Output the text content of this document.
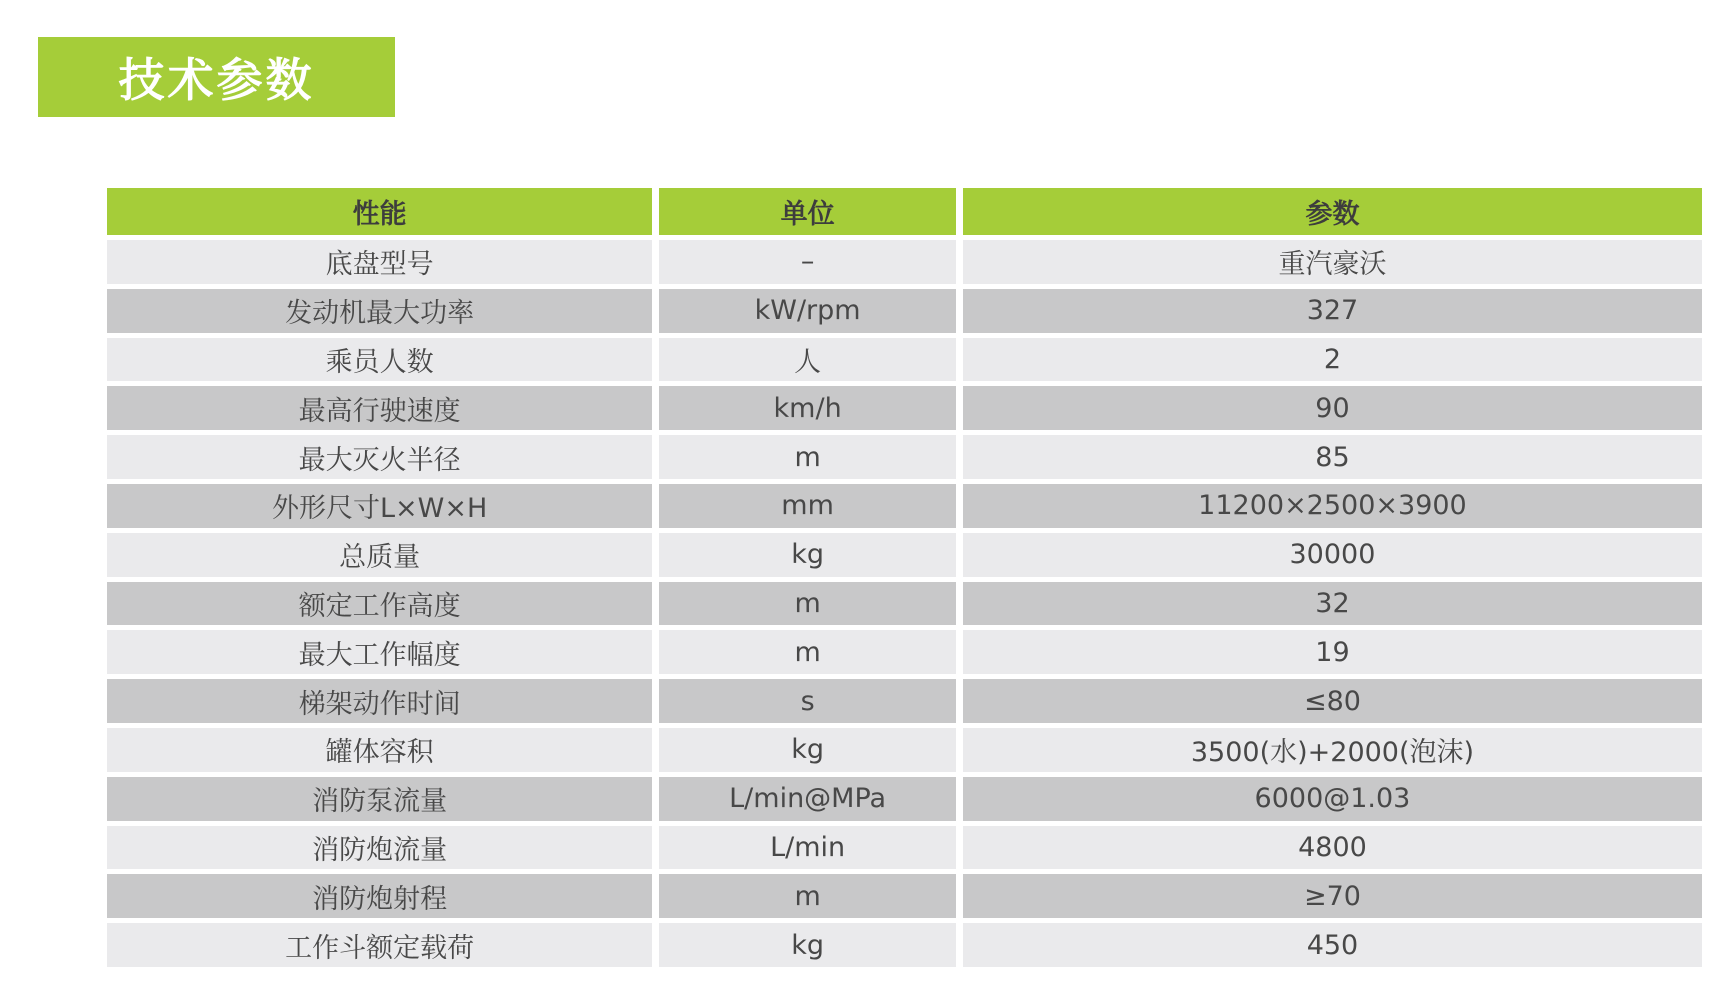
技术参数
性能	单位	参数
底盘型号	–	重汽豪沃
发动机最大功率	kW/rpm	327
乘员人数	人	2
最高行驶速度	km/h	90
最大灭火半径	m	85
外形尺寸L×W×H	mm	11200×2500×3900
总质量	kg	30000
额定工作高度	m	32
最大工作幅度	m	19
梯架动作时间	s	≤80
罐体容积	kg	3500(水)+2000(泡沫)
消防泵流量	L/min@MPa	6000@1.03
消防炮流量	L/min	4800
消防炮射程	m	≥70
工作斗额定载荷	kg	450
